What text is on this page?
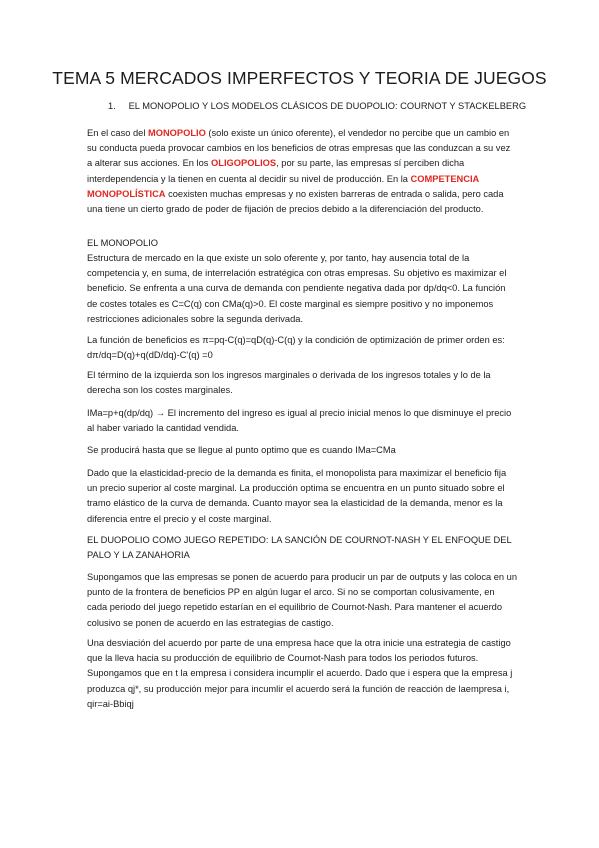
TEMA 5 MERCADOS IMPERFECTOS Y TEORIA DE JUEGOS
1. EL MONOPOLIO Y LOS MODELOS CLÁSICOS DE DUOPOLIO: COURNOT Y STACKELBERG

En el caso del MONOPOLIO (solo existe un único oferente), el vendedor no percibe que un cambio en su conducta pueda provocar cambios en los beneficios de otras empresas que las conduzcan a su vez a alterar sus acciones. En los OLIGOPOLIOS, por su parte, las empresas sí perciben dicha interdependencia y la tienen en cuenta al decidir su nivel de producción. En la COMPETENCIA MONOPOLÍSTICA coexisten muchas empresas y no existen barreras de entrada o salida, pero cada una tiene un cierto grado de poder de fijación de precios debido a la diferenciación del producto.

EL MONOPOLIO

Estructura de mercado en la que existe un solo oferente y, por tanto, hay ausencia total de la competencia y, en suma, de interrelación estratégica con otras empresas. Su objetivo es maximizar el beneficio. Se enfrenta a una curva de demanda con pendiente negativa dada por dp/dq<0. La función de costes totales es C=C(q) con CMa(q)>0. El coste marginal es siempre positivo y no imponemos restricciones adicionales sobre la segunda derivada.

La función de beneficios es π=pq-C(q)=qD(q)-C(q) y la condición de optimización de primer orden es: dπ/dq=D(q)+q(dD/dq)-C'(q) =0

El término de la izquierda son los ingresos marginales o derivada de los ingresos totales y lo de la derecha son los costes marginales.

IMa=p+q(dp/dq) → El incremento del ingreso es igual al precio inicial menos lo que disminuye el precio al haber variado la cantidad vendida.

Se producirá hasta que se llegue al punto optimo que es cuando IMa=CMa

Dado que la elasticidad-precio de la demanda es finita, el monopolista para maximizar el beneficio fija un precio superior al coste marginal. La producción optima se encuentra en un punto situado sobre el tramo elástico de la curva de demanda. Cuanto mayor sea la elasticidad de la demanda, menor es la diferencia entre el precio y el coste marginal.

EL DUOPOLIO COMO JUEGO REPETIDO: LA SANCIÓN DE COURNOT-NASH Y EL ENFOQUE DEL PALO Y LA ZANAHORIA

Supongamos que las empresas se ponen de acuerdo para producir un par de outputs y las coloca en un punto de la frontera de beneficios PP en algún lugar el arco. Si no se comportan colusivamente, en cada periodo del juego repetido estarían en el equilibrio de Cournot-Nash. Para mantener el acuerdo colusivo se ponen de acuerdo en las estrategias de castigo.

Una desviación del acuerdo por parte de una empresa hace que la otra inicie una estrategia de castigo que la lleva hacia su producción de equilibrio de Cournot-Nash para todos los periodos futuros. Supongamos que en t la empresa i considera incumplir el acuerdo. Dado que i espera que la empresa j produzca qj*, su producción mejor para incumlir el acuerdo será la función de reacción de laempresa i, qir=ai-Bbiqj
